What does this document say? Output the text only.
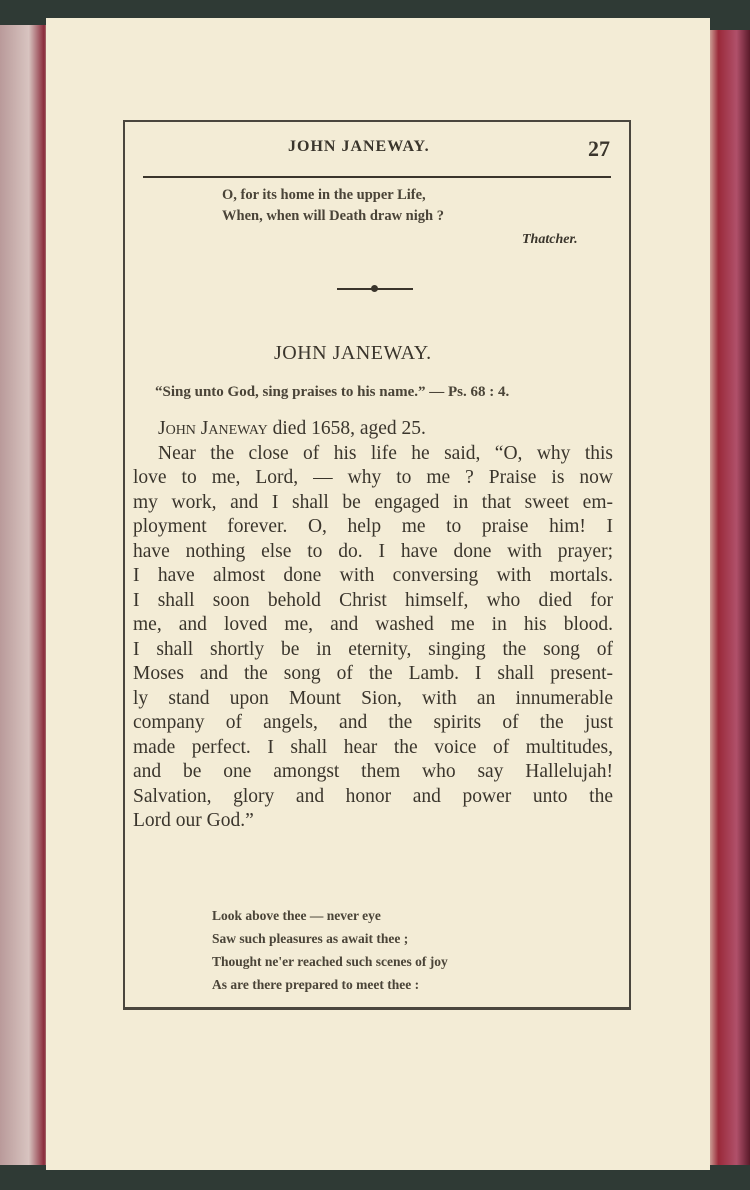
JOHN JANEWAY.	27
O, for its home in the upper Life,
When, when will Death draw nigh ?
Thatcher.
JOHN JANEWAY.
“Sing unto God, sing praises to his name.” — Ps. 68 : 4.
John Janeway died 1658, aged 25.
Near the close of his life he said, “O, why this
love to me, Lord, — why to me ? Praise is now
my work, and I shall be engaged in that sweet em-
ployment forever. O, help me to praise him! I
have nothing else to do. I have done with prayer;
I have almost done with conversing with mortals.
I shall soon behold Christ himself, who died for
me, and loved me, and washed me in his blood.
I shall shortly be in eternity, singing the song of
Moses and the song of the Lamb. I shall present-
ly stand upon Mount Sion, with an innumerable
company of angels, and the spirits of the just
made perfect. I shall hear the voice of multitudes,
and be one amongst them who say Hallelujah!
Salvation, glory and honor and power unto the
Lord our God.”
Look above thee — never eye
Saw such pleasures as await thee ;
Thought ne'er reached such scenes of joy
As are there prepared to meet thee :
